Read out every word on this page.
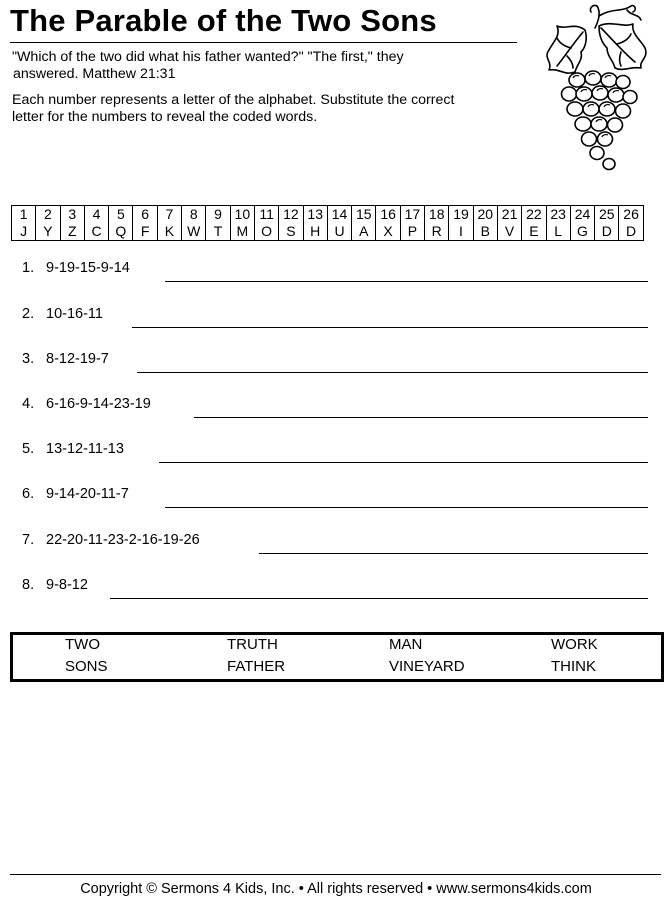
The Parable of the Two Sons
"Which of the two did what his father wanted?" "The first," they
answered. Matthew 21:31
Each number represents a letter of the alphabet. Substitute the correct
letter for the numbers to reveal the coded words.
1	2	3	4	5	6	7	8	9	10	11	12	13	14	15	16	17	18	19	20	21	22	23	24	25	26
J	Y	Z	C	Q	F	K	W	T	M	O	S	H	U	A	X	P	R	I	B	V	E	L	G	D	D
1. 9-19-15-9-14
2. 10-16-11
3. 8-12-19-7
4. 6-16-9-14-23-19
5. 13-12-11-13
6. 9-14-20-11-7
7. 22-20-11-23-2-16-19-26
8. 9-8-12
TWO	TRUTH	MAN	WORK
SONS	FATHER	VINEYARD	THINK
Copyright © Sermons 4 Kids, Inc. • All rights reserved • www.sermons4kids.com
